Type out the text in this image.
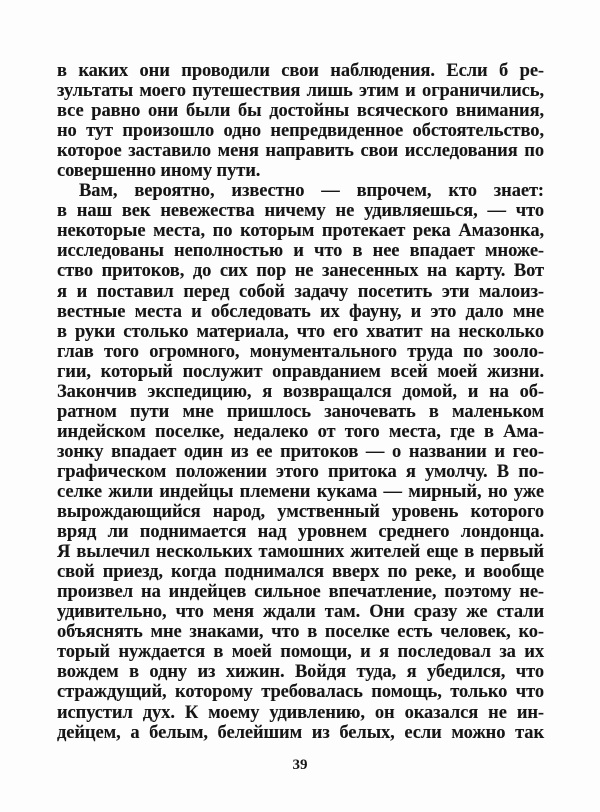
в каких они проводили свои наблюдения. Если б ре-
зультаты моего путешествия лишь этим и ограничились,
все равно они были бы достойны всяческого внимания,
но тут произошло одно непредвиденное обстоятельство,
которое заставило меня направить свои исследования по
совершенно иному пути.
Вам, вероятно, известно — впрочем, кто знает:
в наш век невежества ничему не удивляешься, — что
некоторые места, по которым протекает река Амазонка,
исследованы неполностью и что в нее впадает множе-
ство притоков, до сих пор не занесенных на карту. Вот
я и поставил перед собой задачу посетить эти малоиз-
вестные места и обследовать их фауну, и это дало мне
в руки столько материала, что его хватит на несколько
глав того огромного, монументального труда по зооло-
гии, который послужит оправданием всей моей жизни.
Закончив экспедицию, я возвращался домой, и на об-
ратном пути мне пришлось заночевать в маленьком
индейском поселке, недалеко от того места, где в Ама-
зонку впадает один из ее притоков — о названии и гео-
графическом положении этого притока я умолчу. В по-
селке жили индейцы племени кукама — мирный, но уже
вырождающийся народ, умственный уровень которого
вряд ли поднимается над уровнем среднего лондонца.
Я вылечил нескольких тамошних жителей еще в первый
свой приезд, когда поднимался вверх по реке, и вообще
произвел на индейцев сильное впечатление, поэтому не-
удивительно, что меня ждали там. Они сразу же стали
объяснять мне знаками, что в поселке есть человек, ко-
торый нуждается в моей помощи, и я последовал за их
вождем в одну из хижин. Войдя туда, я убедился, что
страждущий, которому требовалась помощь, только что
испустил дух. К моему удивлению, он оказался не ин-
дейцем, а белым, белейшим из белых, если можно так
39
